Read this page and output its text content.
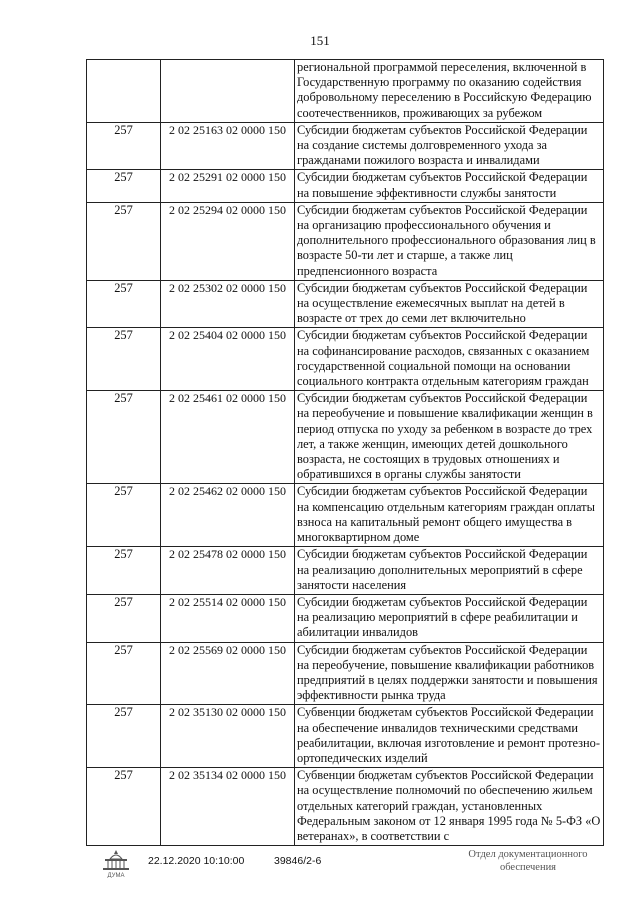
151
		региональной программой переселения, включенной в Государственную программу по оказанию содействия добровольному переселению в Российскую Федерацию соотечественников, проживающих за рубежом
257	2 02 25163 02 0000 150	Субсидии бюджетам субъектов Российской Федерации на создание системы долговременного ухода за гражданами пожилого возраста и инвалидами
257	2 02 25291 02 0000 150	Субсидии бюджетам субъектов Российской Федерации на повышение эффективности службы занятости
257	2 02 25294 02 0000 150	Субсидии бюджетам субъектов Российской Федерации на организацию профессионального обучения и дополнительного профессионального образования лиц в возрасте 50-ти лет и старше, а также лиц предпенсионного возраста
257	2 02 25302 02 0000 150	Субсидии бюджетам субъектов Российской Федерации на осуществление ежемесячных выплат на детей в возрасте от трех до семи лет включительно
257	2 02 25404 02 0000 150	Субсидии бюджетам субъектов Российской Федерации на софинансирование расходов, связанных с оказанием государственной социальной помощи на основании социального контракта отдельным категориям граждан
257	2 02 25461 02 0000 150	Субсидии бюджетам субъектов Российской Федерации на переобучение и повышение квалификации женщин в период отпуска по уходу за ребенком в возрасте до трех лет, а также женщин, имеющих детей дошкольного возраста, не состоящих в трудовых отношениях и обратившихся в органы службы занятости
257	2 02 25462 02 0000 150	Субсидии бюджетам субъектов Российской Федерации на компенсацию отдельным категориям граждан оплаты взноса на капитальный ремонт общего имущества в многоквартирном доме
257	2 02 25478 02 0000 150	Субсидии бюджетам субъектов Российской Федерации на реализацию дополнительных мероприятий в сфере занятости населения
257	2 02 25514 02 0000 150	Субсидии бюджетам субъектов Российской Федерации на реализацию мероприятий в сфере реабилитации и абилитации инвалидов
257	2 02 25569 02 0000 150	Субсидии бюджетам субъектов Российской Федерации на переобучение, повышение квалификации работников предприятий в целях поддержки занятости и повышения эффективности рынка труда
257	2 02 35130 02 0000 150	Субвенции бюджетам субъектов Российской Федерации на обеспечение инвалидов техническими средствами реабилитации, включая изготовление и ремонт протезно-ортопедических изделий
257	2 02 35134 02 0000 150	Субвенции бюджетам субъектов Российской Федерации на осуществление полномочий по обеспечению жильем отдельных категорий граждан, установленных Федеральным законом от 12 января 1995 года № 5-ФЗ «О ветеранах», в соответствии с
ДУМА
22.12.2020 10:10:00	39846/2-6
Отдел документационного
обеспечения
